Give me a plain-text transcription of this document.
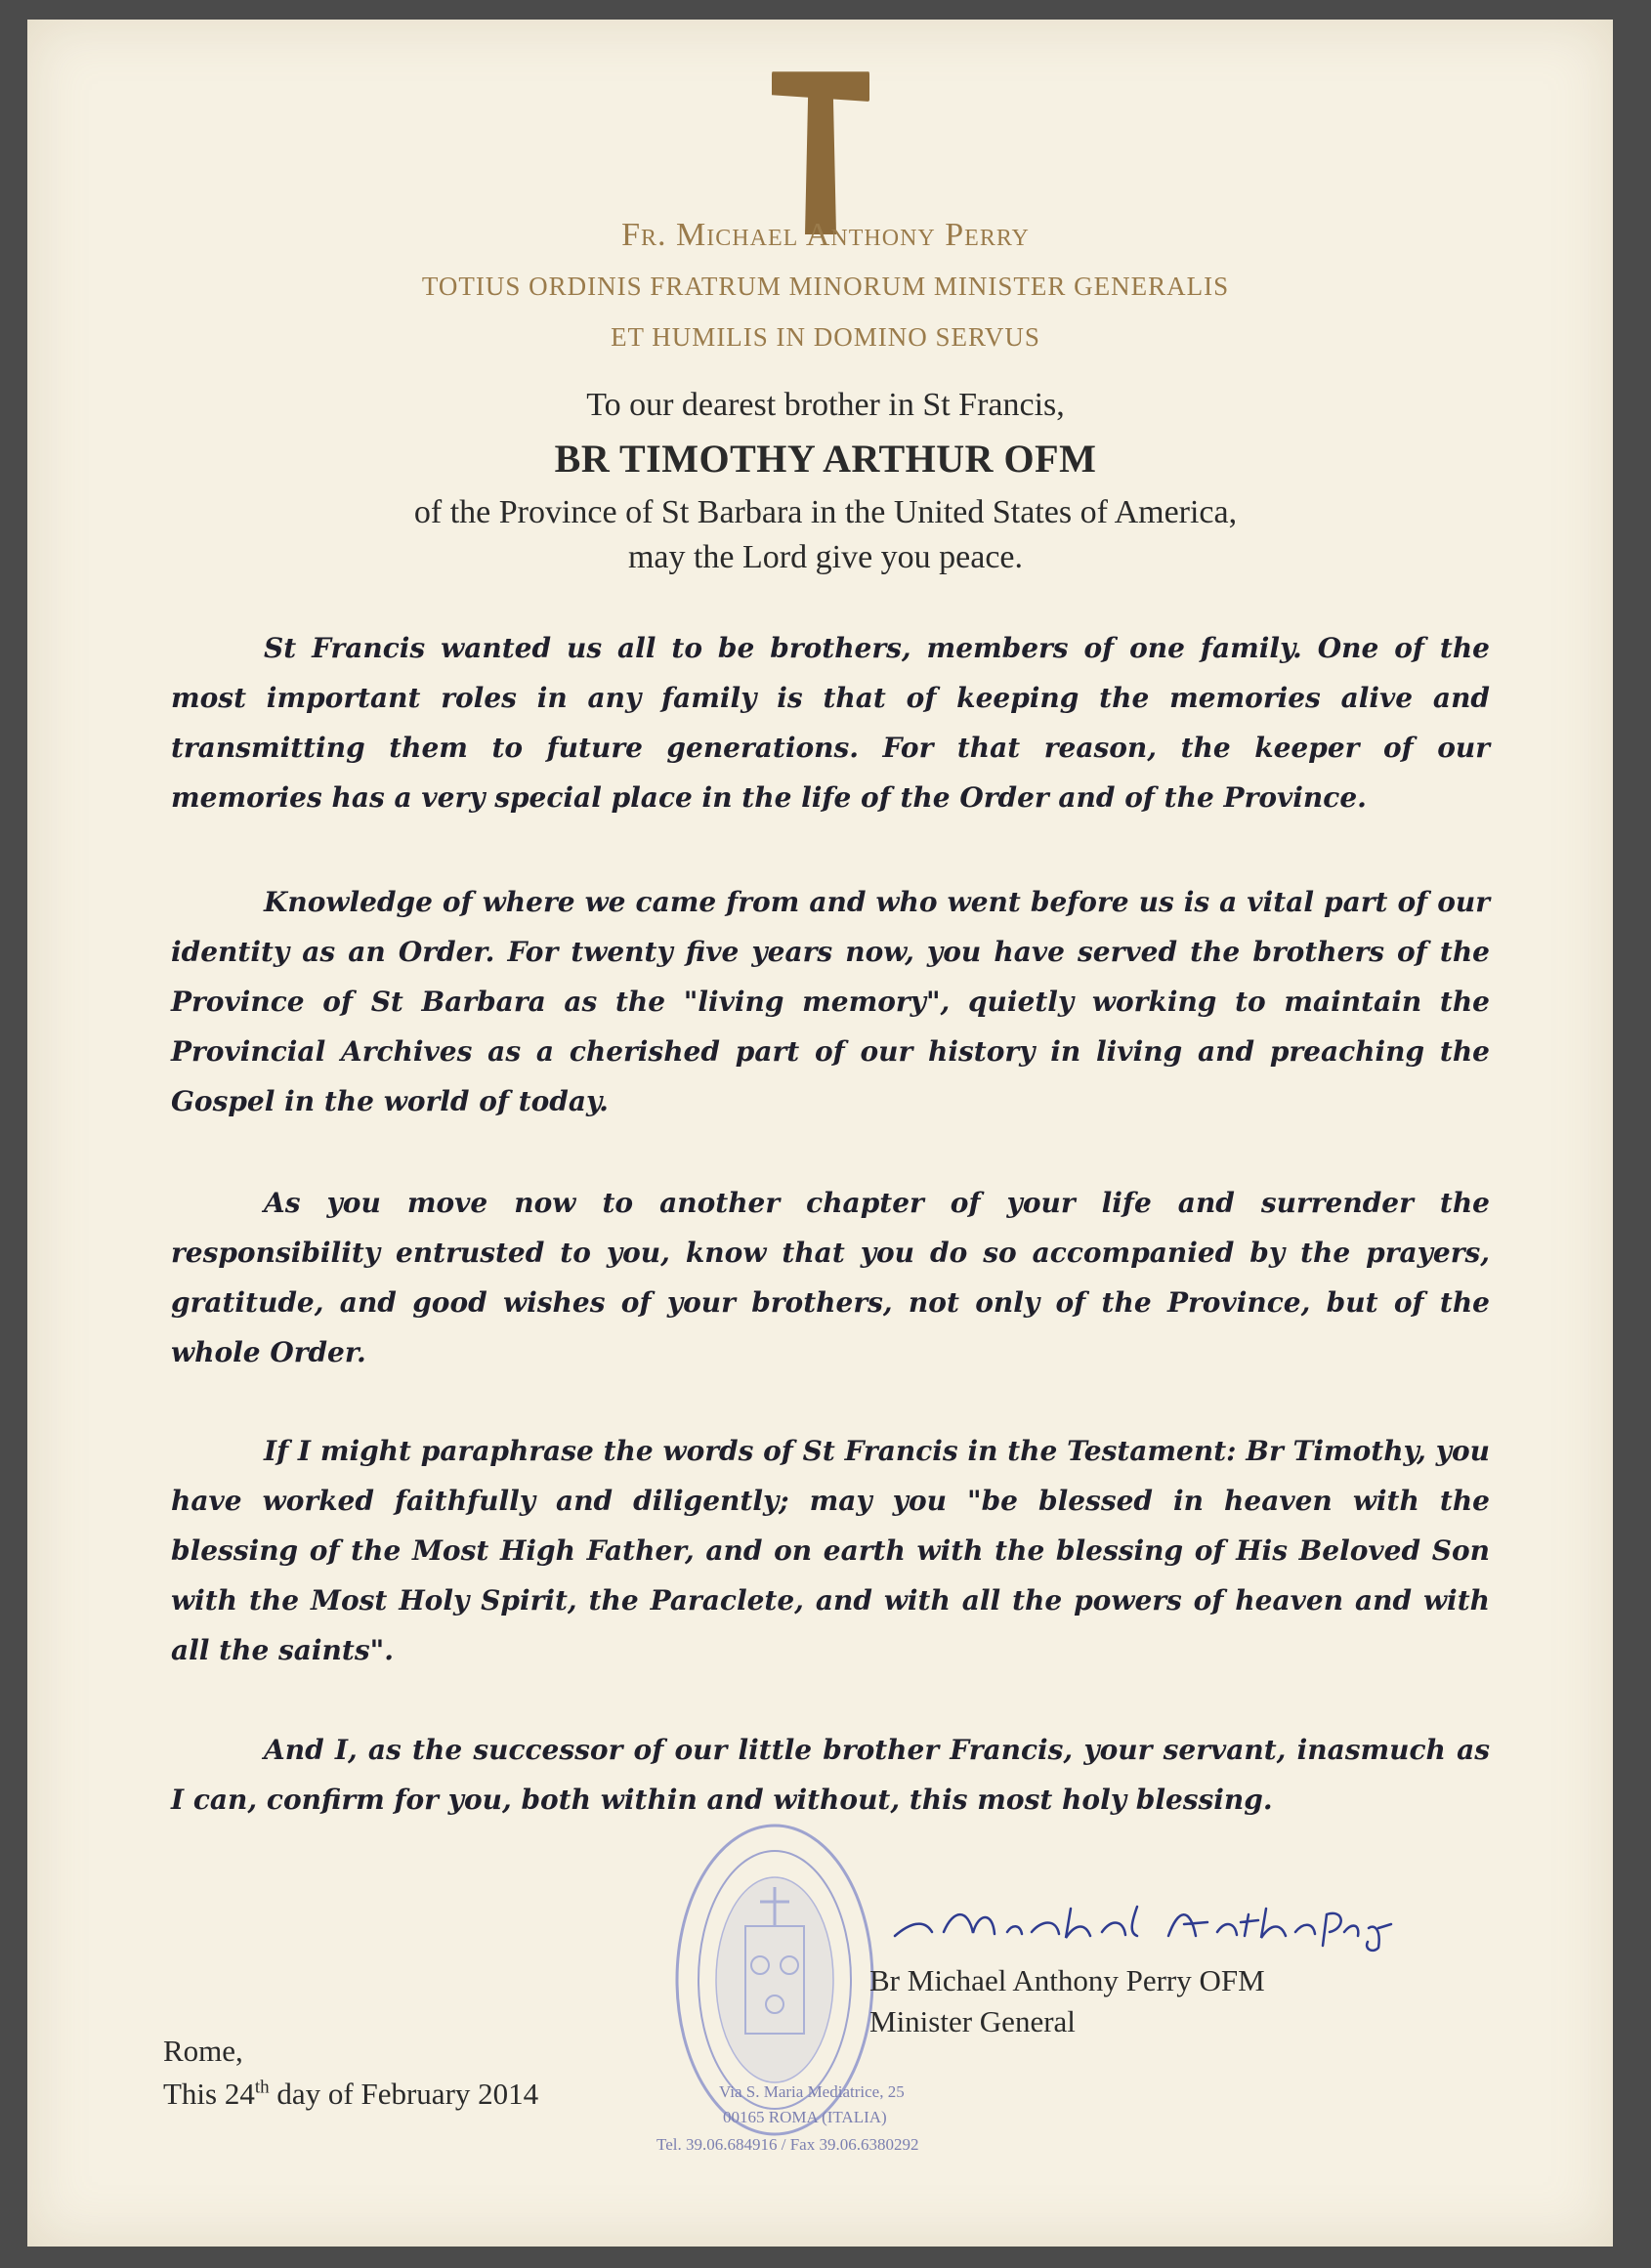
Fr. Michael Anthony Perry
TOTIUS ORDINIS FRATRUM MINORUM MINISTER GENERALIS
ET HUMILIS IN DOMINO SERVUS
To our dearest brother in St Francis,
BR TIMOTHY ARTHUR OFM
of the Province of St Barbara in the United States of America,
may the Lord give you peace.

St Francis wanted us all to be brothers, members of one family. One of the most important roles in any family is that of keeping the memories alive and transmitting them to future generations. For that reason, the keeper of our memories has a very special place in the life of the Order and of the Province.

Knowledge of where we came from and who went before us is a vital part of our identity as an Order. For twenty five years now, you have served the brothers of the Province of St Barbara as the "living memory", quietly working to maintain the Provincial Archives as a cherished part of our history in living and preaching the Gospel in the world of today.

As you move now to another chapter of your life and surrender the responsibility entrusted to you, know that you do so accompanied by the prayers, gratitude, and good wishes of your brothers, not only of the Province, but of the whole Order.

If I might paraphrase the words of St Francis in the Testament: Br Timothy, you have worked faithfully and diligently; may you "be blessed in heaven with the blessing of the Most High Father, and on earth with the blessing of His Beloved Son with the Most Holy Spirit, the Paraclete, and with all the powers of heaven and with all the saints".

And I, as the successor of our little brother Francis, your servant, inasmuch as I can, confirm for you, both within and without, this most holy blessing.

Br Michael Anthony Perry OFM
Minister General
Rome,
This 24th day of February 2014	Via S. Maria Mediatrice, 25
00165 ROMA (ITALIA)
Tel. 39.06.684916 / Fax 39.06.6380292
